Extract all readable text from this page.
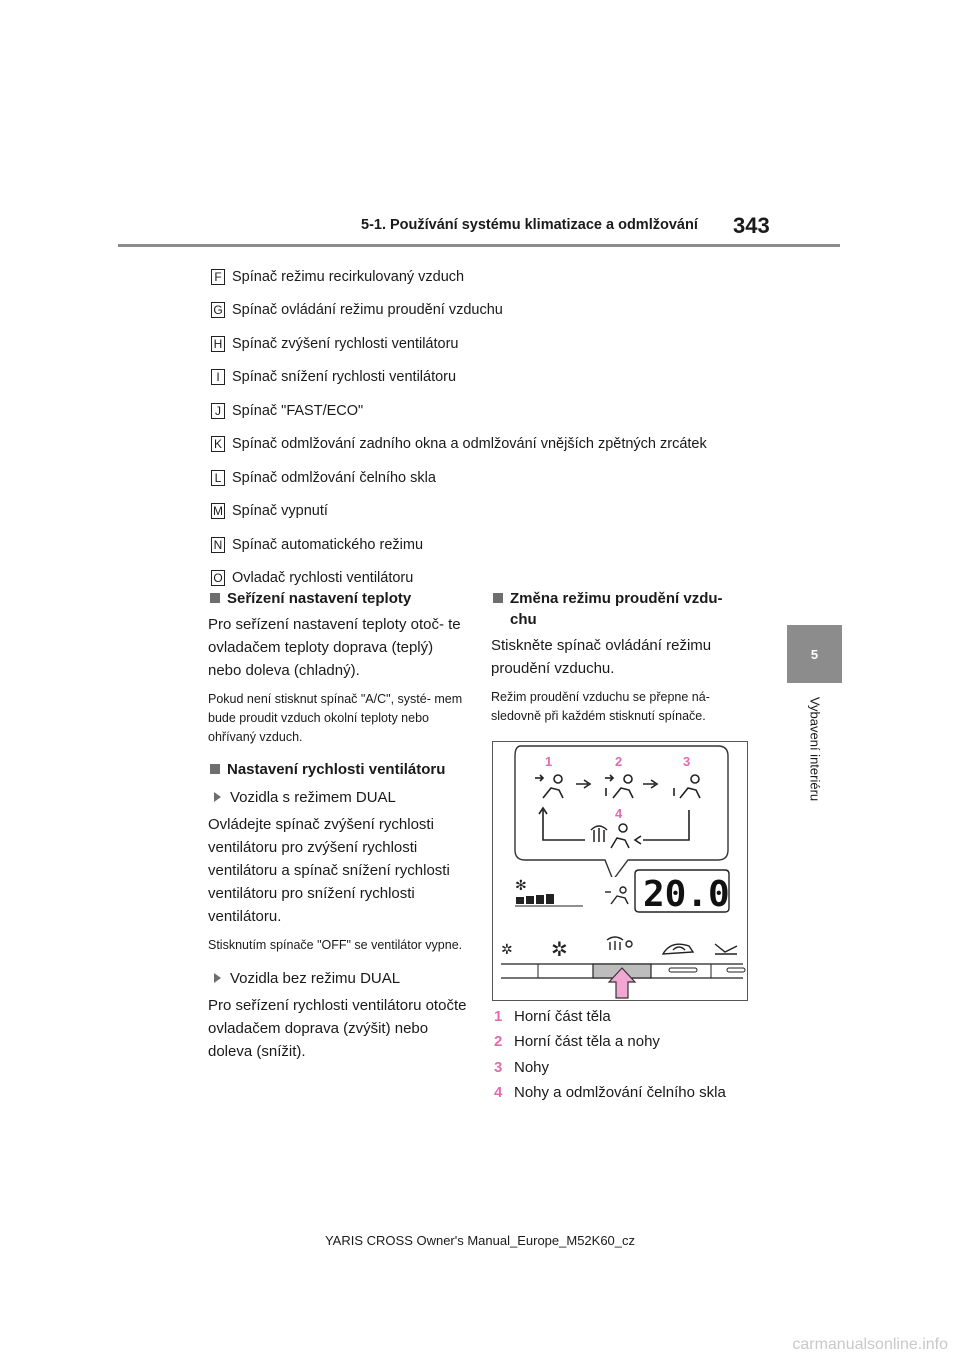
5-1. Používání systému klimatizace a odmlžování 343
5
Vybavení interiéru
F Spínač režimu recirkulovaný vzduch
G Spínač ovládání režimu proudění vzduchu
H Spínač zvýšení rychlosti ventilátoru
I Spínač snížení rychlosti ventilátoru
J Spínač "FAST/ECO"
K Spínač odmlžování zadního okna a odmlžování vnějších zpětných zrcátek
L Spínač odmlžování čelního skla
M Spínač vypnutí
N Spínač automatického režimu
O Ovladač rychlosti ventilátoru
Seřízení nastavení teploty
Pro seřízení nastavení teploty otoč- te ovladačem teploty doprava (teplý) nebo doleva (chladný).
Pokud není stisknut spínač "A/C", systé- mem bude proudit vzduch okolní teploty nebo ohřívaný vzduch.
Nastavení rychlosti ventilátoru
Vozidla s režimem DUAL
Ovládejte spínač zvýšení rychlosti ventilátoru pro zvýšení rychlosti ventilátoru a spínač snížení rychlosti ventilátoru pro snížení rychlosti ventilátoru.
Stisknutím spínače "OFF" se ventilátor vypne.
Vozidla bez režimu DUAL
Pro seřízení rychlosti ventilátoru otočte ovladačem doprava (zvýšit) nebo doleva (snížit).
Změna režimu proudění vzdu- chu
Stiskněte spínač ovládání režimu proudění vzduchu.
Režim proudění vzduchu se přepne ná- sledovně při každém stisknutí spínače.
1	2	3
4
✻	20.0
✲ ✲
1 Horní část těla
2 Horní část těla a nohy
3 Nohy
4 Nohy a odmlžování čelního skla
YARIS CROSS Owner's Manual_Europe_M52K60_cz
carmanualsonline.info
